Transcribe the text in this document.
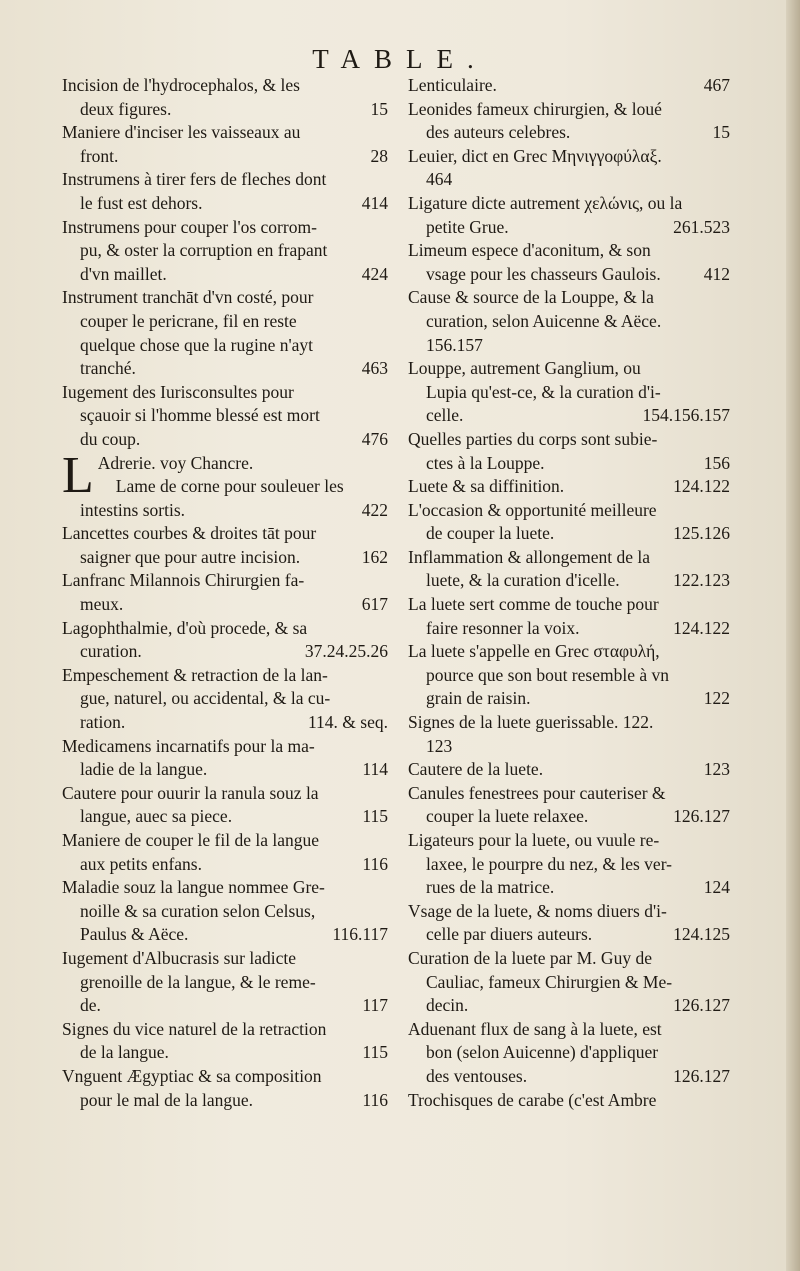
TABLE.
Incision de l'hydrocephalos, & les
deux figures.	15
Maniere d'inciser les vaisseaux au
front.	28
Instrumens à tirer fers de fleches dont
le fust est dehors.	414
Instrumens pour couper l'os corrom-
pu, & oster la corruption en frapant
d'vn maillet.	424
Instrument tranchāt d'vn costé, pour
couper le pericrane, fil en reste
quelque chose que la rugine n'ayt
tranché.	463
Iugement des Iurisconsultes pour
sçauoir si l'homme blessé est mort
du coup.	476
L Adrerie. voy Chancre.
Lame de corne pour souleuer les
intestins sortis.	422
Lancettes courbes & droites tāt pour
saigner que pour autre incision.	162
Lanfranc Milannois Chirurgien fa-
meux.	617
Lagophthalmie, d'où procede, & sa
curation.	37.24.25.26
Empeschement & retraction de la lan-
gue, naturel, ou accidental, & la cu-
ration.	114. & seq.
Medicamens incarnatifs pour la ma-
ladie de la langue.	114
Cautere pour ouurir la ranula souz la
langue, auec sa piece.	115
Maniere de couper le fil de la langue
aux petits enfans.	116
Maladie souz la langue nommee Gre-
noille & sa curation selon Celsus,
Paulus & Aëce.	116.117
Iugement d'Albucrasis sur ladicte
grenoille de la langue, & le reme-
de.	117
Signes du vice naturel de la retraction
de la langue.	115
Vnguent Ægyptiac & sa composition
pour le mal de la langue.	116
Lenticulaire.	467
Leonides fameux chirurgien, & loué
des auteurs celebres.	15
Leuier, dict en Grec Μηνιγγοφύλαξ.
464
Ligature dicte autrement χελώνις, ou la
petite Grue.	261.523
Limeum espece d'aconitum, & son
vsage pour les chasseurs Gaulois.	412
Cause & source de la Louppe, & la
curation, selon Auicenne & Aëce.
156.157
Louppe, autrement Ganglium, ou
Lupia qu'est-ce, & la curation d'i-
celle.	154.156.157
Quelles parties du corps sont subie-
ctes à la Louppe.	156
Luete & sa diffinition.	124.122
L'occasion & opportunité meilleure
de couper la luete.	125.126
Inflammation & allongement de la
luete, & la curation d'icelle.	122.123
La luete sert comme de touche pour
faire resonner la voix.	124.122
La luete s'appelle en Grec σταφυλή,
pource que son bout resemble à vn
grain de raisin.	122
Signes de la luete guerissable. 122.
123
Cautere de la luete.	123
Canules fenestrees pour cauteriser &
couper la luete relaxee.	126.127
Ligateurs pour la luete, ou vuule re-
laxee, le pourpre du nez, & les ver-
rues de la matrice.	124
Vsage de la luete, & noms diuers d'i-
celle par diuers auteurs.	124.125
Curation de la luete par M. Guy de
Cauliac, fameux Chirurgien & Me-
decin.	126.127
Aduenant flux de sang à la luete, est
bon (selon Auicenne) d'appliquer
des ventouses.	126.127
Trochisques de carabe (c'est Ambre
